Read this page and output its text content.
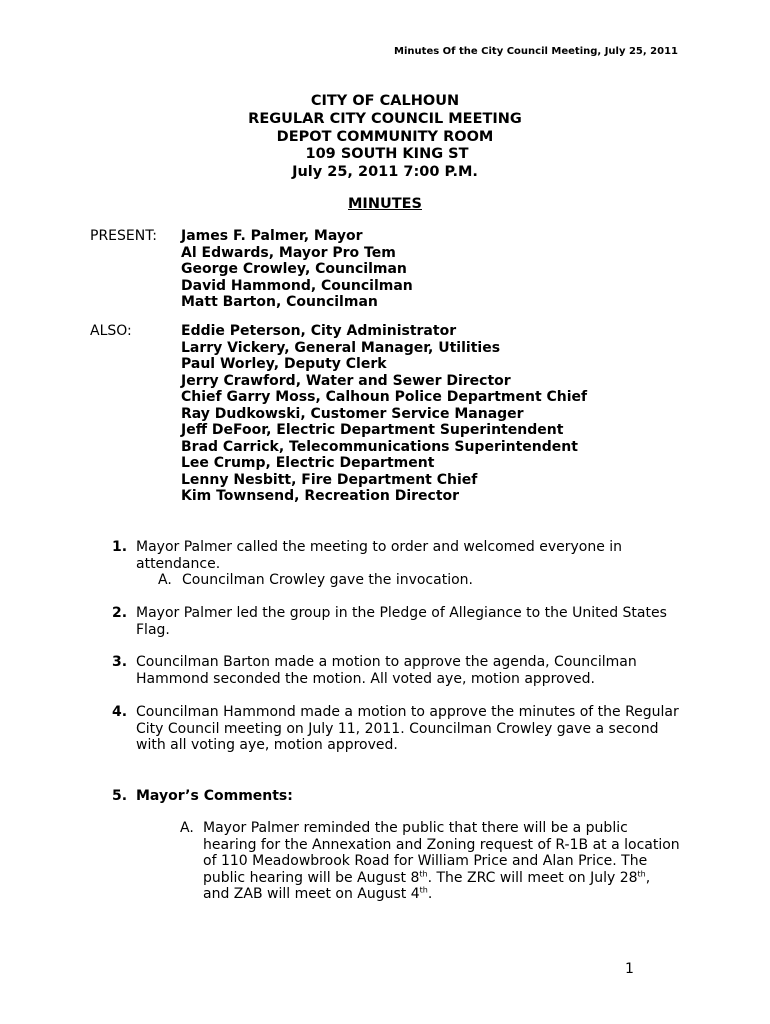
Minutes Of the City Council Meeting, July 25, 2011
CITY OF CALHOUN
REGULAR CITY COUNCIL MEETING
DEPOT COMMUNITY ROOM
109 SOUTH KING ST
July 25, 2011 7:00 P.M.
MINUTES
PRESENT: James F. Palmer, Mayor
Al Edwards, Mayor Pro Tem
George Crowley, Councilman
David Hammond, Councilman
Matt Barton, Councilman
ALSO:	Eddie Peterson, City Administrator
Larry Vickery, General Manager, Utilities
Paul Worley, Deputy Clerk
Jerry Crawford, Water and Sewer Director
Chief Garry Moss, Calhoun Police Department Chief
Ray Dudkowski, Customer Service Manager
Jeff DeFoor, Electric Department Superintendent
Brad Carrick, Telecommunications Superintendent
Lee Crump, Electric Department
Lenny Nesbitt, Fire Department Chief
Kim Townsend, Recreation Director
1. Mayor Palmer called the meeting to order and welcomed everyone in attendance.
A. Councilman Crowley gave the invocation.
2. Mayor Palmer led the group in the Pledge of Allegiance to the United States Flag.
3. Councilman Barton made a motion to approve the agenda, Councilman Hammond seconded the motion. All voted aye, motion approved.
4. Councilman Hammond made a motion to approve the minutes of the Regular City Council meeting on July 11, 2011. Councilman Crowley gave a second with all voting aye, motion approved.
5. Mayor’s Comments:
A. Mayor Palmer reminded the public that there will be a public hearing for the Annexation and Zoning request of R-1B at a location of 110 Meadowbrook Road for William Price and Alan Price. The public hearing will be August 8th. The ZRC will meet on July 28th, and ZAB will meet on August 4th.
1
